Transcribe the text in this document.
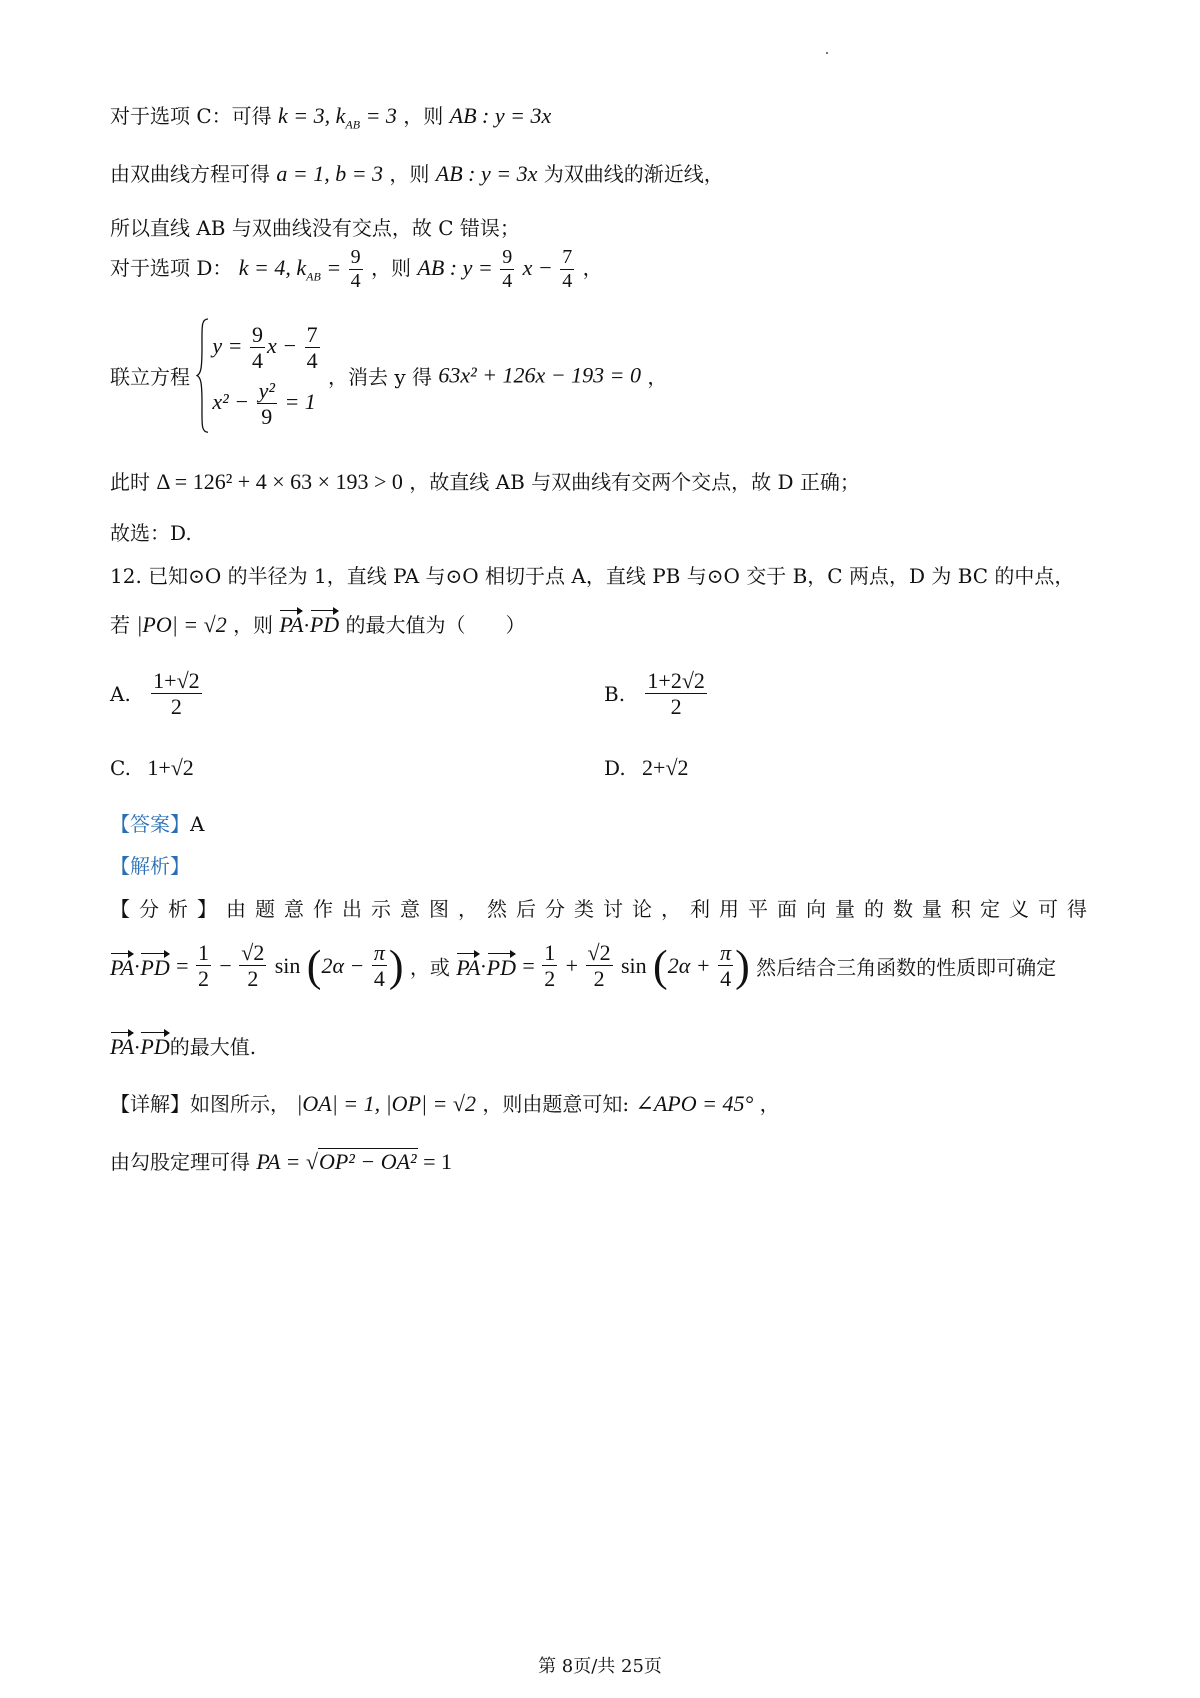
对于选项 C：可得 k = 3, $k_{AB} = 3$ ，则 AB : y = 3x
由双曲线方程可得 a = 1, b = 3 ，则 AB : y = 3x 为双曲线的渐近线，
所以直线 AB 与双曲线没有交点，故 C 错误；
对于选项 D： k = 4, $k_{AB} = \frac{9}{4}$ ，则 AB : $y = \frac{9}{4}$ $x - \frac{7}{4}$ ，
联立方程
$y = \frac{9}{4}$ $x - \frac{7}{4}$
$x^2 - \frac{\text{y²}}{9} = 1$
，消去 y 得 63x² + 126x − 193 = 0 ，
此时 Δ = 126² + 4 × 63 × 193 > 0 ，故直线 AB 与双曲线有交两个交点，故 D 正确；
故选：D.
12. 已知⊙O 的半径为 1，直线 PA 与⊙O 相切于点 A，直线 PB 与⊙O 交于 B，C 两点，D 为 BC 的中点，
若 |PO| = √2 ，则 PA·PD 的最大值为（　　）
A. $\frac{1+√2}{2}$	B. $\frac{1+2√2}{2}$
C. 1+√2	D. 2+√2
【答案】A
【解析】
【分析】由题意作出示意图，然后分类讨论，利用平面向量的数量积定义可得
$PA\cdot PD = \frac{1}{2} - \frac{√2}{2}$ $\sin (2\alpha - \frac{\pi}{4}$ ) ，或 $PA\cdot PD = \frac{1}{2} + \frac{√2}{2}$ $\sin (2\alpha + \frac{\pi}{4}$ ) 然后结合三角函数的性质即可确定
PA·PD的最大值.
【详解】如图所示， |OA| = 1, |OP| = √2 ，则由题意可知: ∠APO = 45° ，
由勾股定理可得 PA = √OP² − OA² = 1
第 8页/共 25页
